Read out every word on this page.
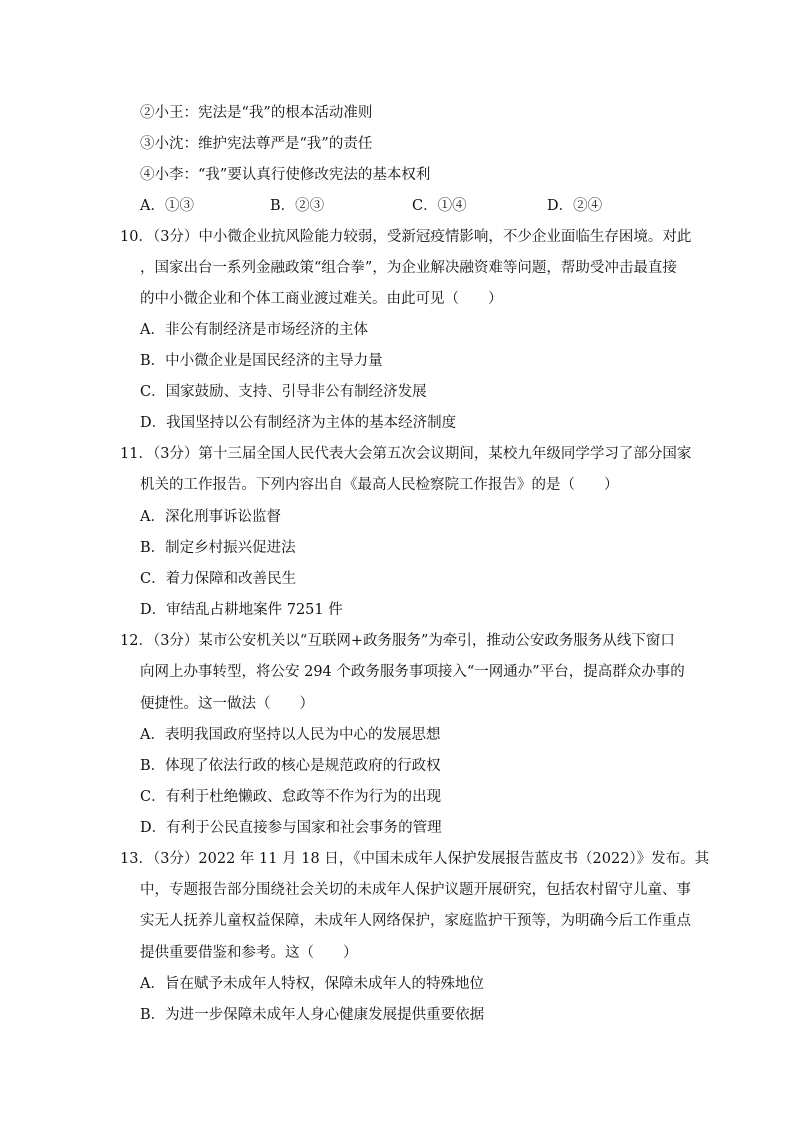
②小王：宪法是“我”的根本活动准则
③小沈：维护宪法尊严是“我”的责任
④小李：“我”要认真行使修改宪法的基本权利
A．①③	B．②③	C．①④	D．②④
10．（3分）中小微企业抗风险能力较弱，受新冠疫情影响，不少企业面临生存困境。对此
，国家出台一系列金融政策“组合拳”，为企业解决融资难等问题，帮助受冲击最直接
的中小微企业和个体工商业渡过难关。由此可见（　　）
A．非公有制经济是市场经济的主体
B．中小微企业是国民经济的主导力量
C．国家鼓励、支持、引导非公有制经济发展
D．我国坚持以公有制经济为主体的基本经济制度
11．（3分）第十三届全国人民代表大会第五次会议期间，某校九年级同学学习了部分国家
机关的工作报告。下列内容出自《最高人民检察院工作报告》的是（　　）
A．深化刑事诉讼监督
B．制定乡村振兴促进法
C．着力保障和改善民生
D．审结乱占耕地案件 7251 件
12．（3分）某市公安机关以“互联网+政务服务”为牵引，推动公安政务服务从线下窗口
向网上办事转型，将公安 294 个政务服务事项接入“一网通办”平台，提高群众办事的
便捷性。这一做法（　　）
A．表明我国政府坚持以人民为中心的发展思想
B．体现了依法行政的核心是规范政府的行政权
C．有利于杜绝懒政、怠政等不作为行为的出现
D．有利于公民直接参与国家和社会事务的管理
13．（3分）2022 年 11 月 18 日，《中国未成年人保护发展报告蓝皮书（2022）》发布。其
中，专题报告部分围绕社会关切的未成年人保护议题开展研究，包括农村留守儿童、事
实无人抚养儿童权益保障，未成年人网络保护，家庭监护干预等，为明确今后工作重点
提供重要借鉴和参考。这（　　）
A．旨在赋予未成年人特权，保障未成年人的特殊地位
B．为进一步保障未成年人身心健康发展提供重要依据
